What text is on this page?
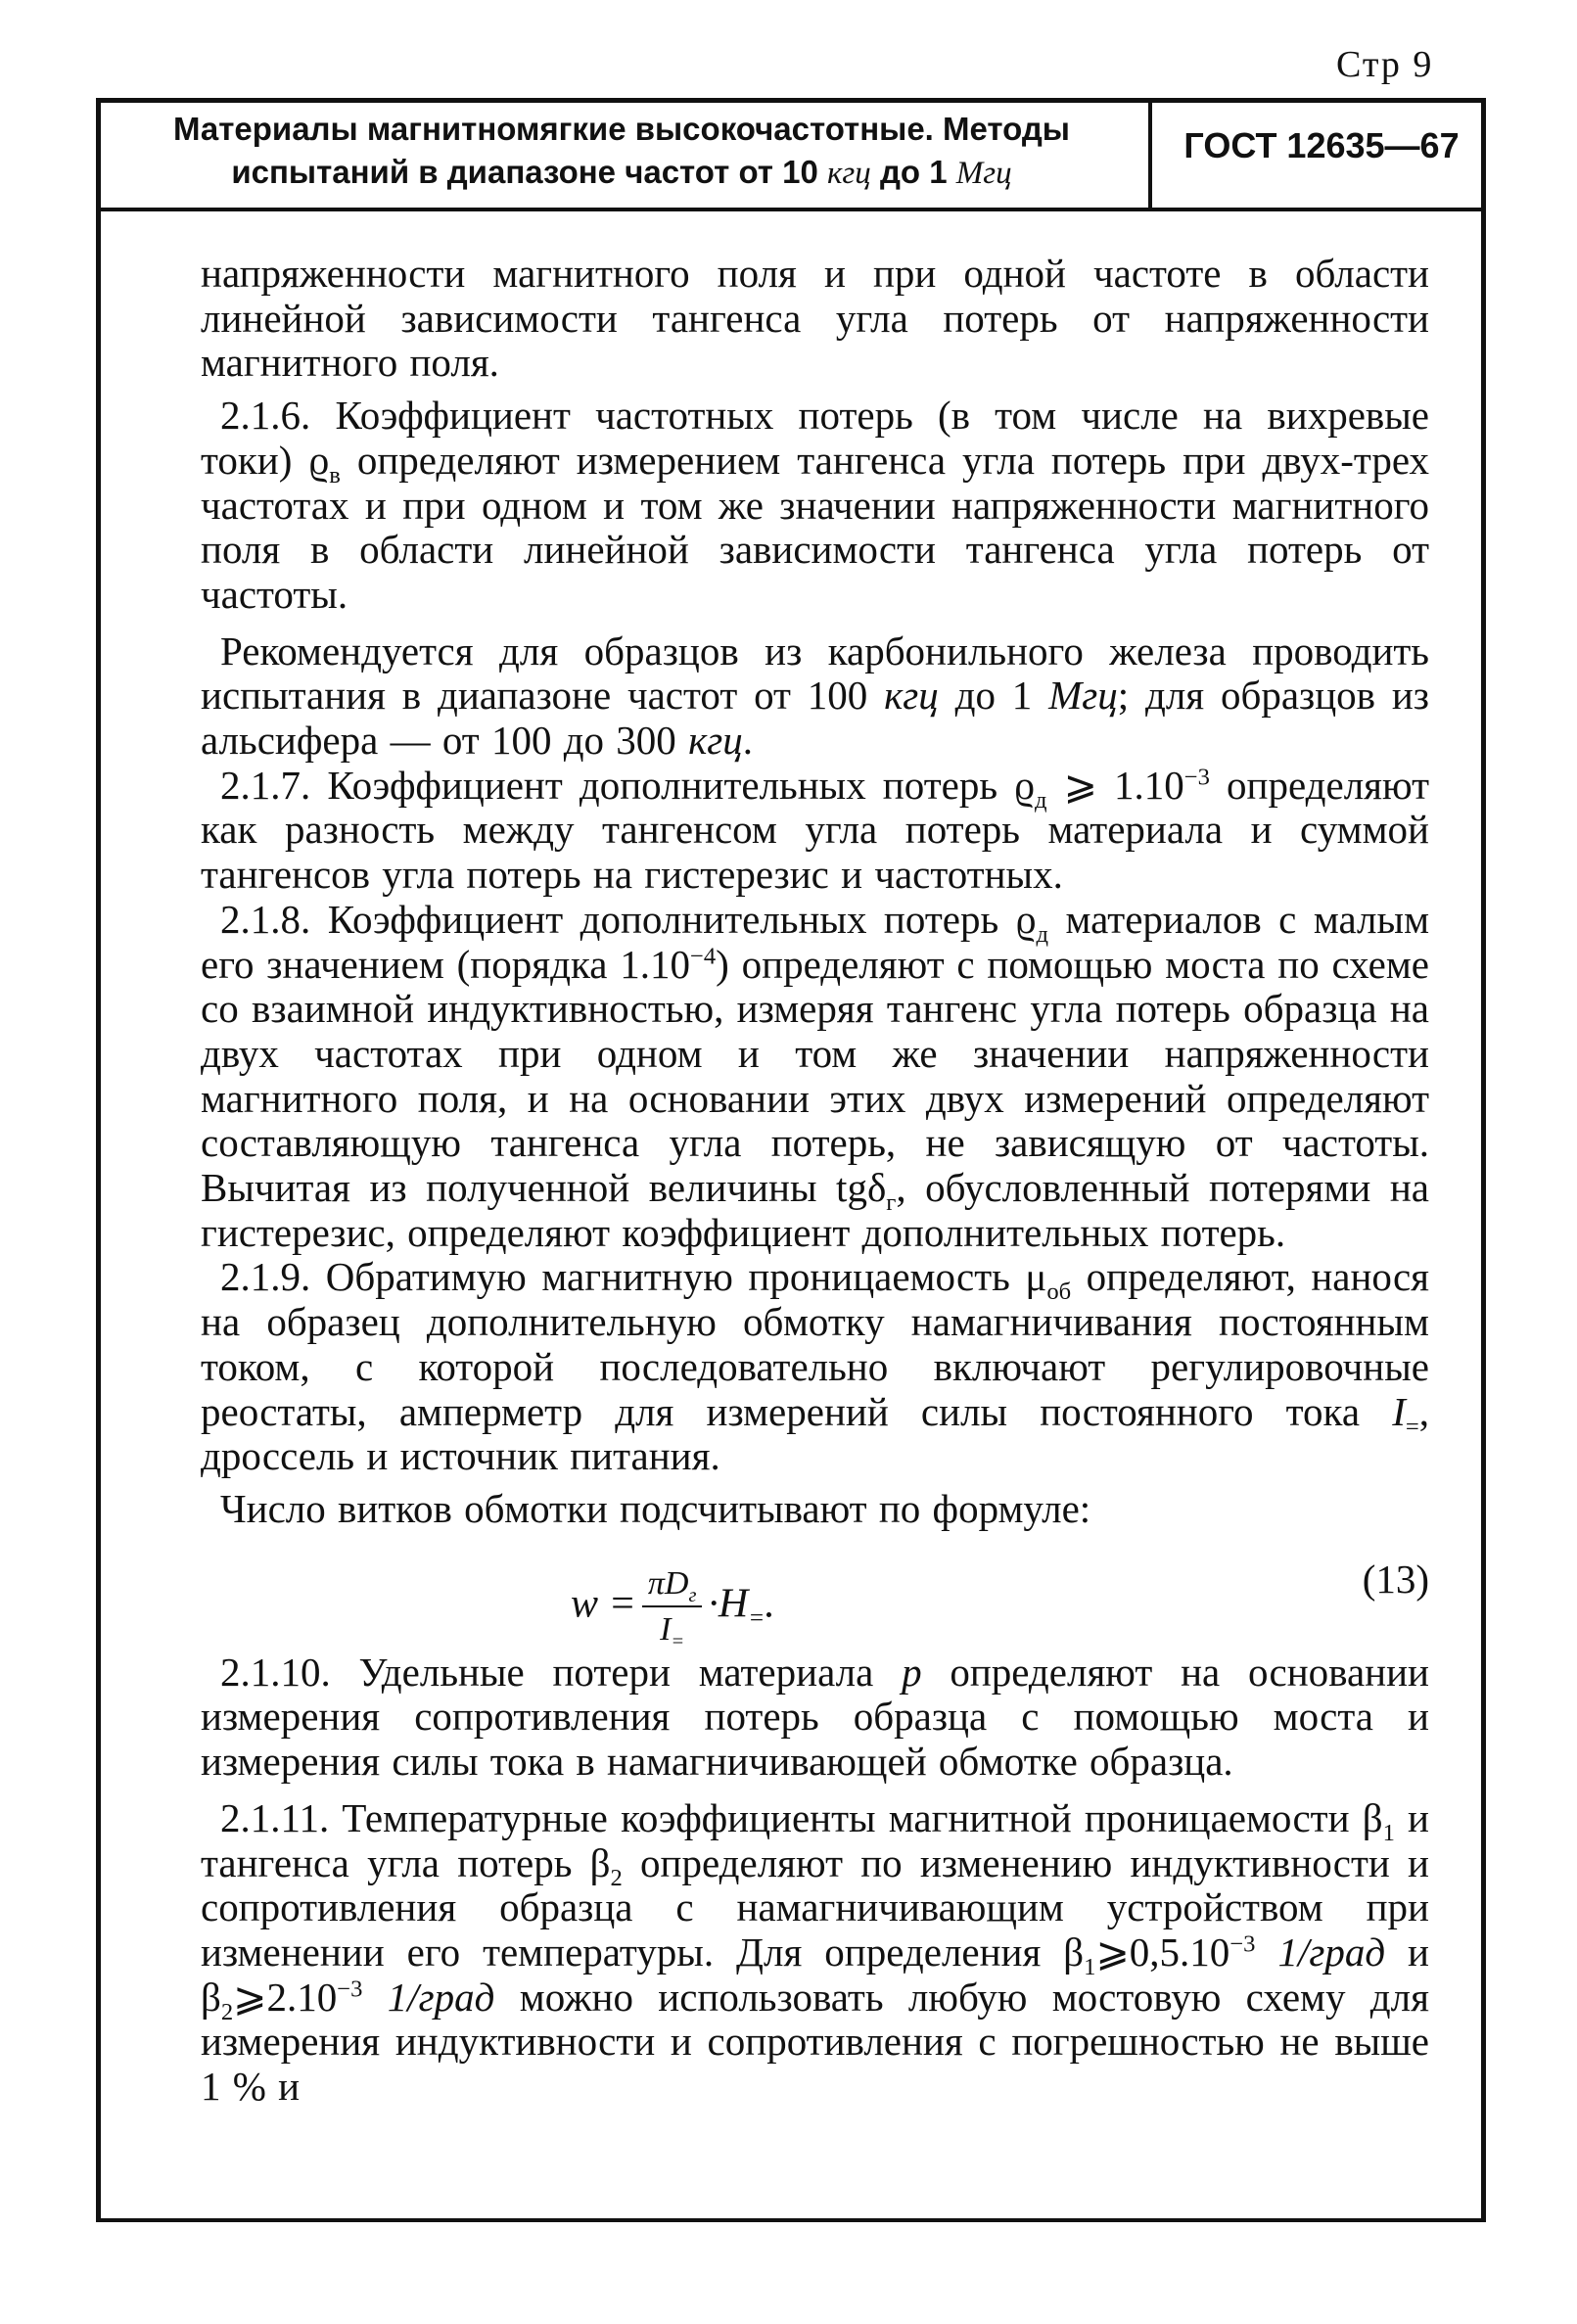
Стр 9
Материалы магнитномягкие высокочастотные. Методы
испытаний в диапазоне частот от 10 кгц до 1 Мгц
ГОСТ 12635—67

напряженности магнитного поля и при одной частоте в области линейной зависимости тангенса угла потерь от напряженности магнитного поля.

2.1.6. Коэффициент частотных потерь (в том числе на вихревые токи) $ϱ_в$ определяют измерением тангенса угла потерь при двух-трех частотах и при одном и том же значении напряженности магнитного поля в области линейной зависимости тангенса угла потерь от частоты.

Рекомендуется для образцов из карбонильного железа проводить испытания в диапазоне частот от 100 кгц до 1 Мгц; для образцов из альсифера — от 100 до 300 кгц.

2.1.7. Коэффициент дополнительных потерь $ϱ_д$ ⩾ $1.10^{-3}$ определяют как разность между тангенсом угла потерь материала и суммой тангенсов угла потерь на гистерезис и частотных.

2.1.8. Коэффициент дополнительных потерь $ϱ_д$ материалов с малым его значением (порядка $1.10^{-4}$) определяют с помощью моста по схеме со взаимной индуктивностью, измеряя тангенс угла потерь образца на двух частотах при одном и том же значении напряженности магнитного поля, и на основании этих двух измерений определяют составляющую тангенса угла потерь, не зависящую от частоты. Вычитая из полученной величины tgδ$_г$, обусловленный потерями на гистерезис, определяют коэффициент дополнительных потерь.

2.1.9. Обратимую магнитную проницаемость $\mu_{об}$ определяют, нанося на образец дополнительную обмотку намагничивания постоянным током, с которой последовательно включают регулировочные реостаты, амперметр для измерений силы постоянного тока $I_=$, дроссель и источник питания.

Число витков обмотки подсчитывают по формуле:

$w = \frac{\pi D_г}{I_=} \cdot H_=$.
(13)

2.1.10. Удельные потери материала p определяют на основании измерения сопротивления потерь образца с помощью моста и измерения силы тока в намагничивающей обмотке образца.

2.1.11. Температурные коэффициенты магнитной проницаемости $\beta_1$ и тангенса угла потерь $\beta_2$ определяют по изменению индуктивности и сопротивления образца с намагничивающим устройством при изменении его температуры. Для определения $\beta_1⩾0,5.10^{-3}$ 1/град и $\beta_2⩾2.10^{-3}$ 1/град можно использовать любую мостовую схему для измерения индуктивности и сопротивления с погрешностью не выше 1 % и
